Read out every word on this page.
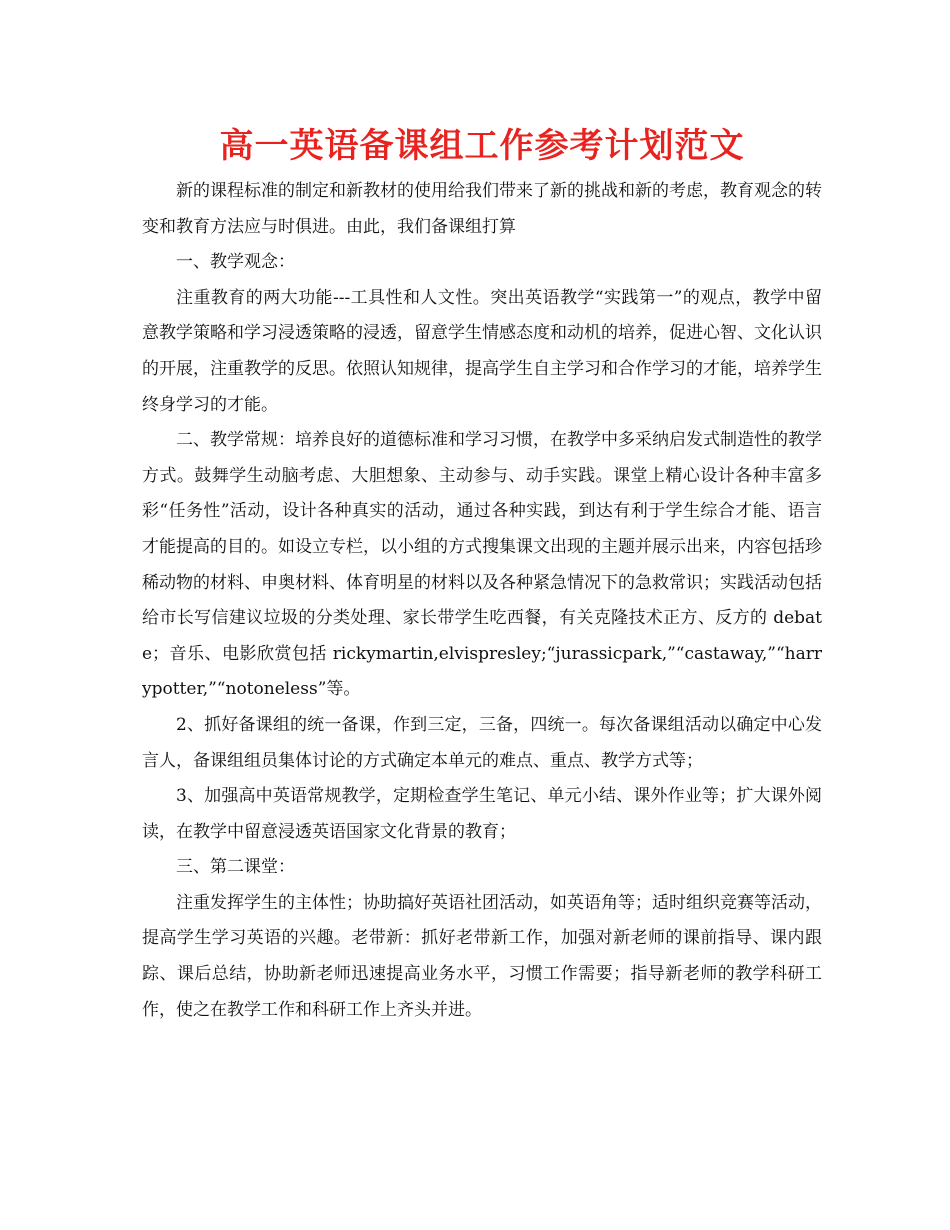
高一英语备课组工作参考计划范文

新的课程标准的制定和新教材的使用给我们带来了新的挑战和新的考虑，教育观念的转变和教育方法应与时俱进。由此，我们备课组打算

一、教学观念：

注重教育的两大功能---工具性和人文性。突出英语教学“实践第一”的观点，教学中留意教学策略和学习浸透策略的浸透，留意学生情感态度和动机的培养，促进心智、文化认识的开展，注重教学的反思。依照认知规律，提高学生自主学习和合作学习的才能，培养学生终身学习的才能。

二、教学常规：培养良好的道德标准和学习习惯，在教学中多采纳启发式制造性的教学方式。鼓舞学生动脑考虑、大胆想象、主动参与、动手实践。课堂上精心设计各种丰富多彩“任务性”活动，设计各种真实的活动，通过各种实践，到达有利于学生综合才能、语言才能提高的目的。如设立专栏，以小组的方式搜集课文出现的主题并展示出来，内容包括珍稀动物的材料、申奥材料、体育明星的材料以及各种紧急情况下的急救常识；实践活动包括给市长写信建议垃圾的分类处理、家长带学生吃西餐，有关克隆技术正方、反方的 debate；音乐、电影欣赏包括 rickymartin,elvispresley;“jurassicpark,”“castaway,”“harrypotter,”“notoneless”等。

2、抓好备课组的统一备课，作到三定，三备，四统一。每次备课组活动以确定中心发言人，备课组组员集体讨论的方式确定本单元的难点、重点、教学方式等；

3、加强高中英语常规教学，定期检查学生笔记、单元小结、课外作业等；扩大课外阅读，在教学中留意浸透英语国家文化背景的教育；

三、第二课堂：

注重发挥学生的主体性；协助搞好英语社团活动，如英语角等；适时组织竞赛等活动，提高学生学习英语的兴趣。老带新：抓好老带新工作，加强对新老师的课前指导、课内跟踪、课后总结，协助新老师迅速提高业务水平，习惯工作需要；指导新老师的教学科研工作，使之在教学工作和科研工作上齐头并进。
